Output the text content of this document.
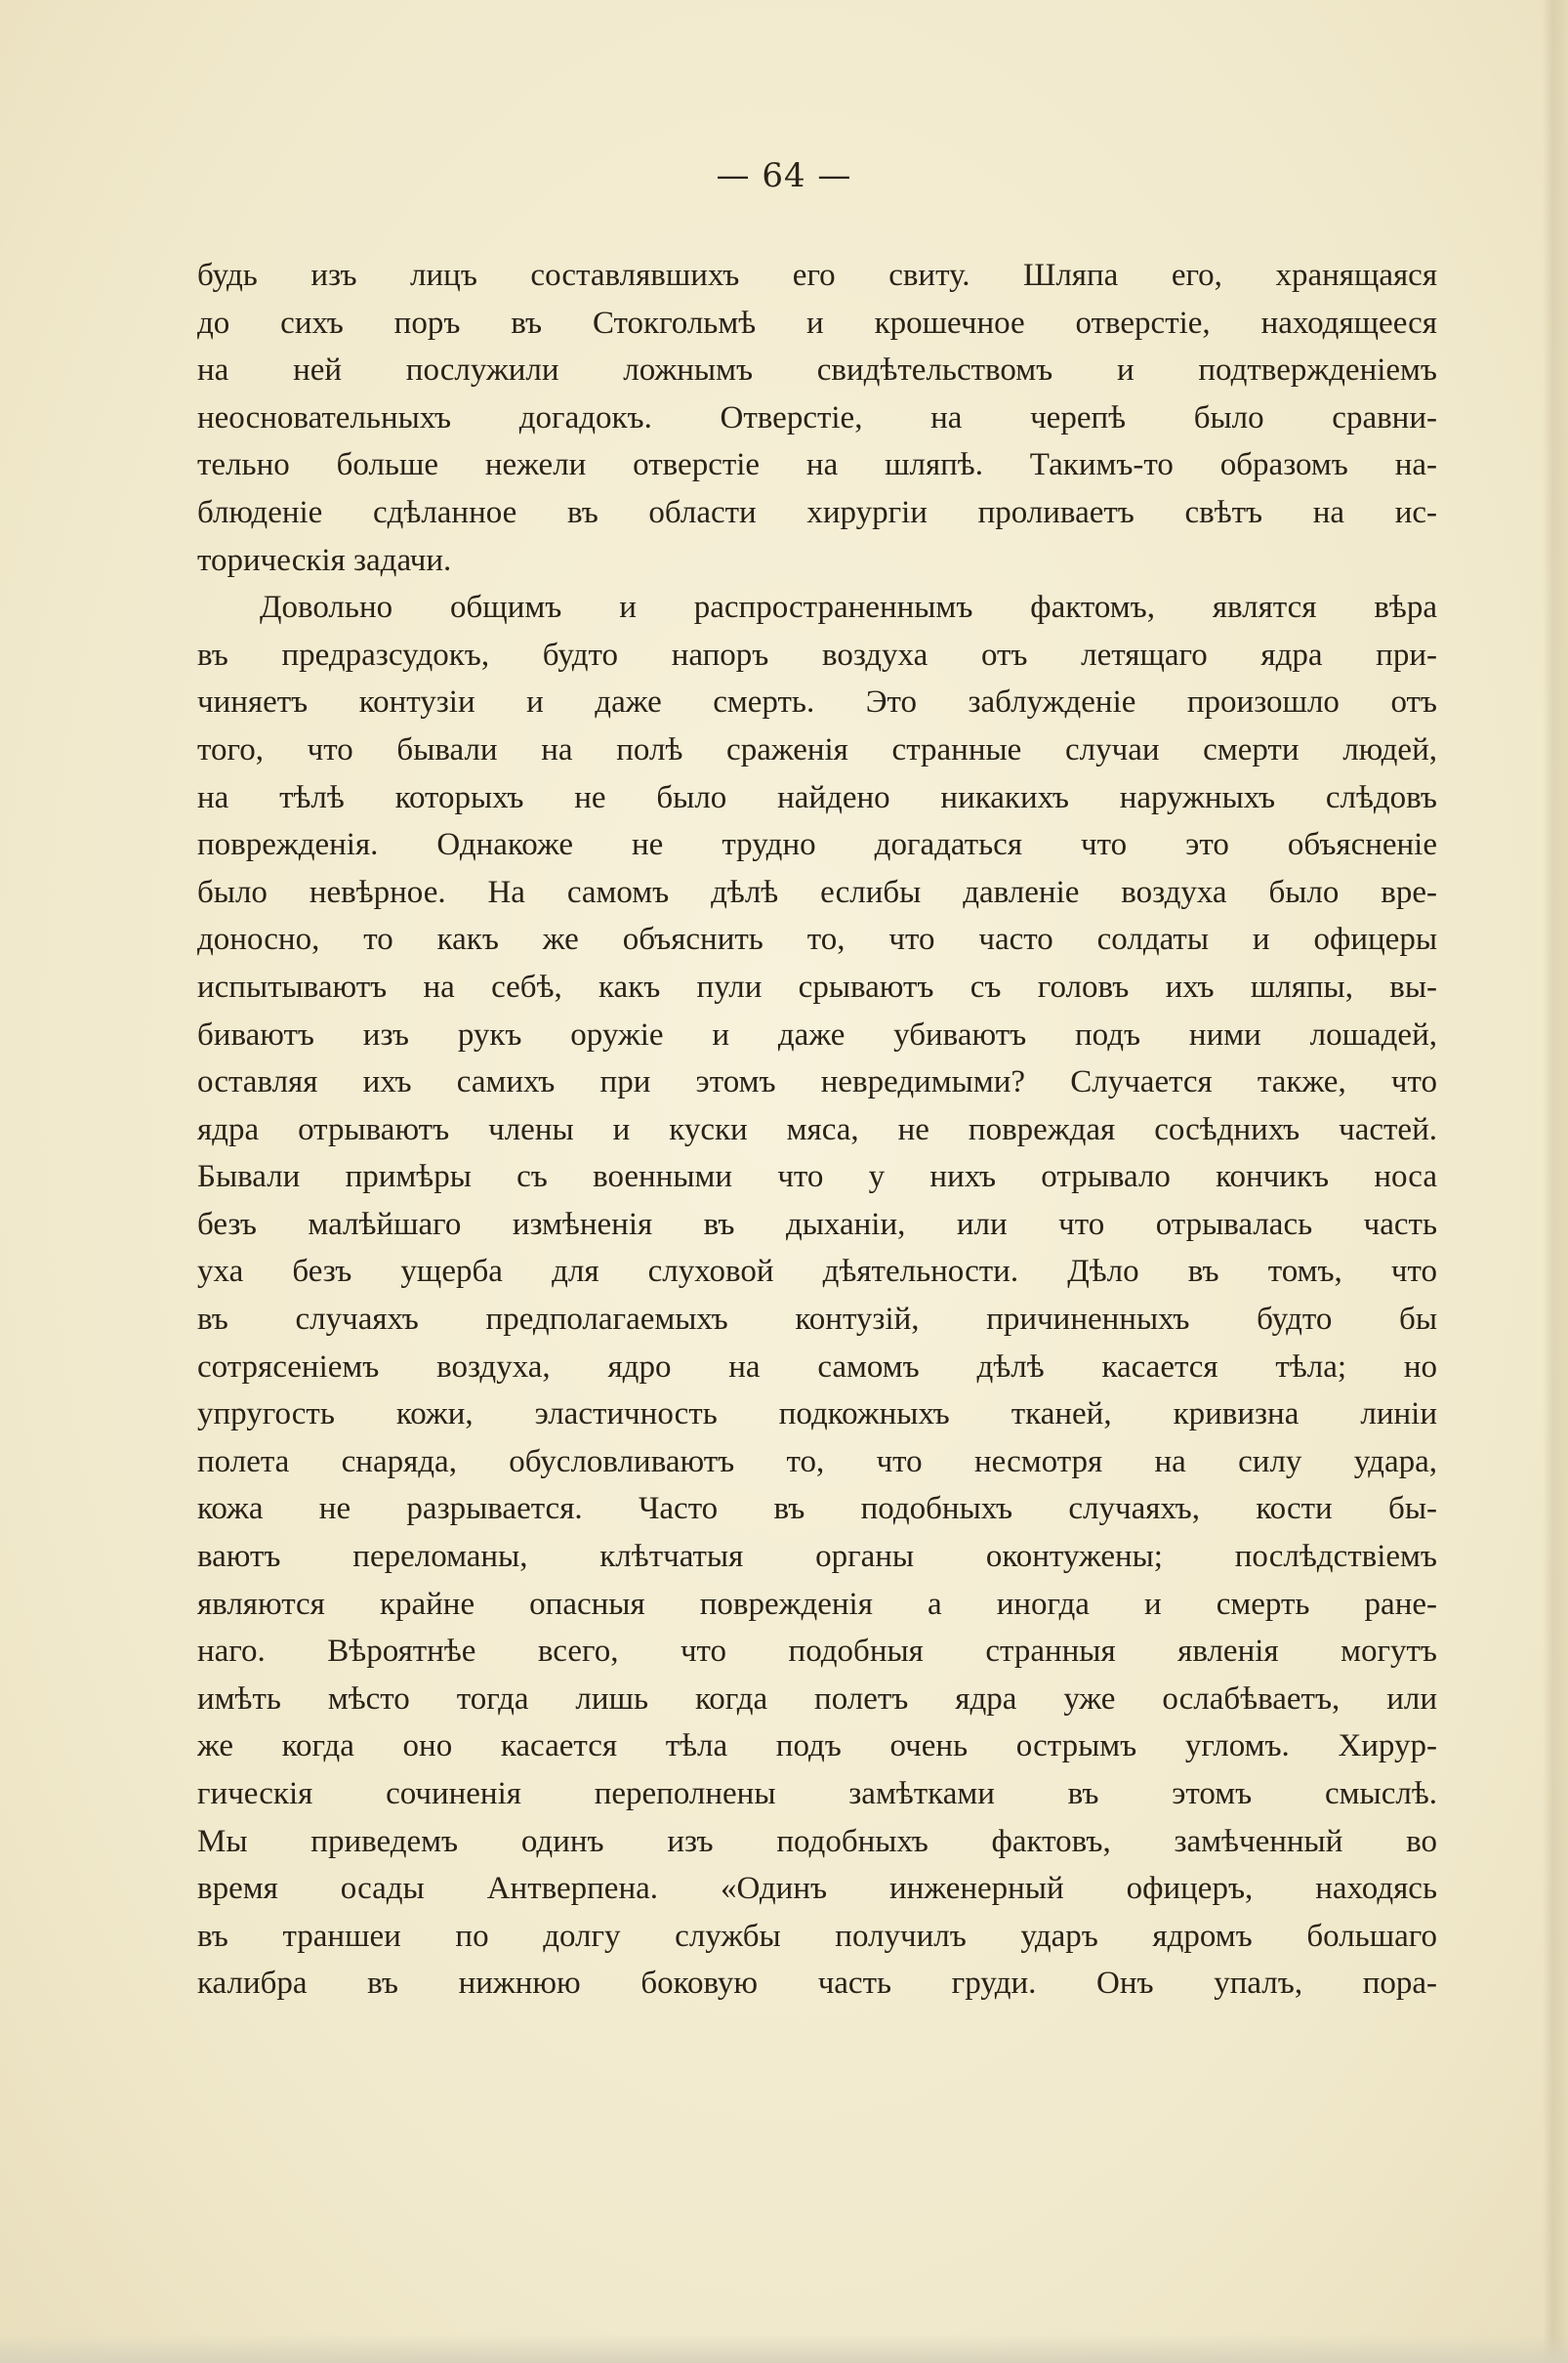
— 64 —
будь изъ лицъ составлявшихъ его свиту. Шляпа его, хранящаяся
до сихъ поръ въ Стокгольмѣ и крошечное отверстіе, находящееся
на ней послужили ложнымъ свидѣтельствомъ и подтвержденіемъ
неосновательныхъ догадокъ. Отверстіе, на черепѣ было сравни-
тельно больше нежели отверстіе на шляпѣ. Такимъ-то образомъ на-
блюденіе сдѣланное въ области хирургіи проливаетъ свѣтъ на ис-
торическія задачи.
Довольно общимъ и распространеннымъ фактомъ, являтся вѣра
въ предразсудокъ, будто напоръ воздуха отъ летящаго ядра при-
чиняетъ контузіи и даже смерть. Это заблужденіе произошло отъ
того, что бывали на полѣ сраженія странные случаи смерти людей,
на тѣлѣ которыхъ не было найдено никакихъ наружныхъ слѣдовъ
поврежденія. Однакоже не трудно догадаться что это объясненіе
было невѣрное. На самомъ дѣлѣ еслибы давленіе воздуха было вре-
доносно, то какъ же объяснить то, что часто солдаты и офицеры
испытываютъ на себѣ, какъ пули срываютъ съ головъ ихъ шляпы, вы-
биваютъ изъ рукъ оружіе и даже убиваютъ подъ ними лошадей,
оставляя ихъ самихъ при этомъ невредимыми? Случается также, что
ядра отрываютъ члены и куски мяса, не повреждая сосѣднихъ частей.
Бывали примѣры съ военными что у нихъ отрывало кончикъ носа
безъ малѣйшаго измѣненія въ дыханіи, или что отрывалась часть
уха безъ ущерба для слуховой дѣятельности. Дѣло въ томъ, что
въ случаяхъ предполагаемыхъ контузій, причиненныхъ будто бы
сотрясеніемъ воздуха, ядро на самомъ дѣлѣ касается тѣла; но
упругость кожи, эластичность подкожныхъ тканей, кривизна линіи
полета снаряда, обусловливаютъ то, что несмотря на силу удара,
кожа не разрывается. Часто въ подобныхъ случаяхъ, кости бы-
ваютъ переломаны, клѣтчатыя органы оконтужены; послѣдствіемъ
являются крайне опасныя поврежденія а иногда и смерть ране-
наго. Вѣроятнѣе всего, что подобныя странныя явленія могутъ
имѣть мѣсто тогда лишь когда полетъ ядра уже ослабѣваетъ, или
же когда оно касается тѣла подъ очень острымъ угломъ. Хирур-
гическія сочиненія переполнены замѣтками въ этомъ смыслѣ.
Мы приведемъ одинъ изъ подобныхъ фактовъ, замѣченный во
время осады Антверпена. «Одинъ инженерный офицеръ, находясь
въ траншеи по долгу службы получилъ ударъ ядромъ большаго
калибра въ нижнюю боковую часть груди. Онъ упалъ, пора-
